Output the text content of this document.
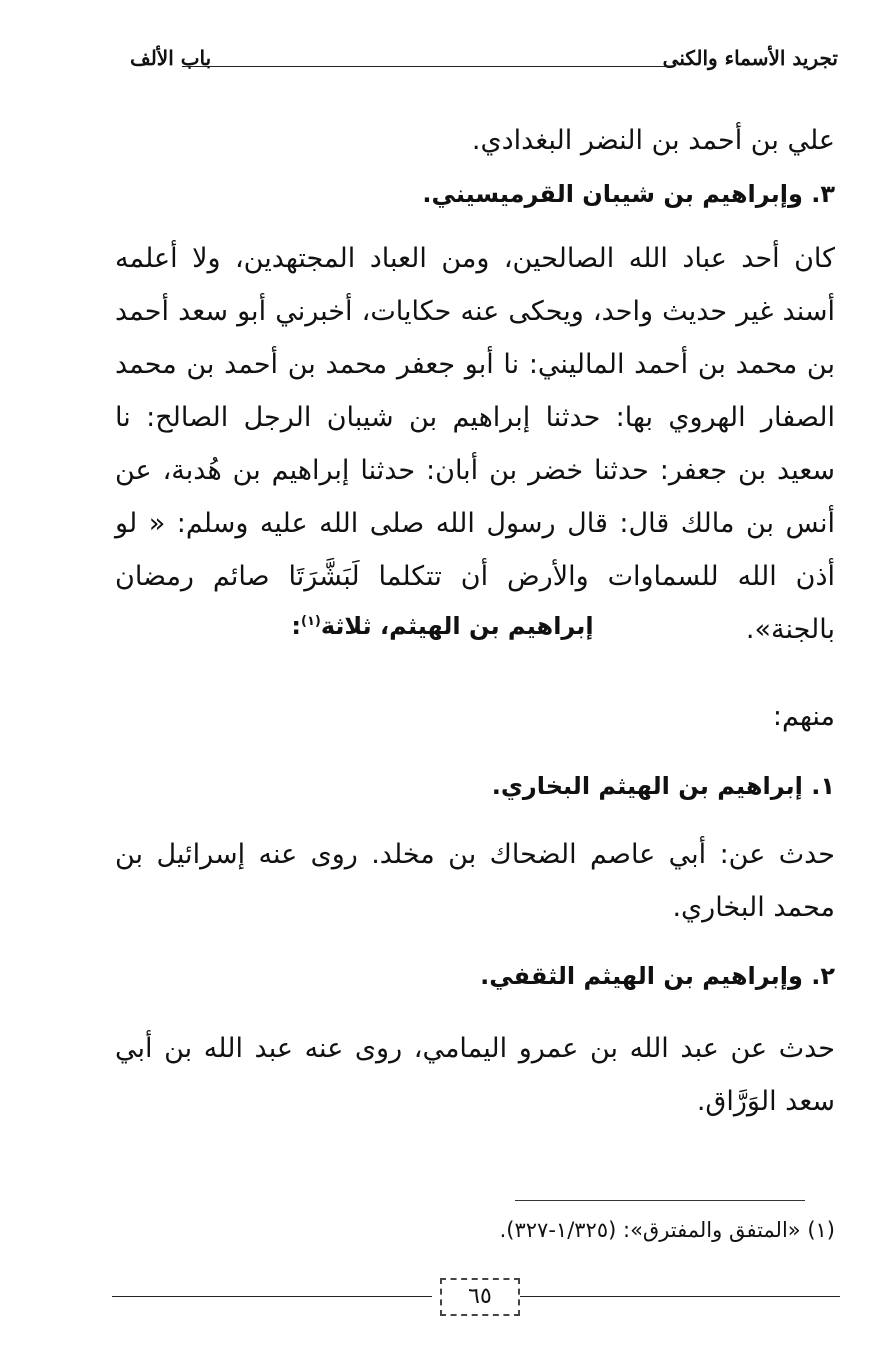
تجريد الأسماء والكنى
باب الألف
علي بن أحمد بن النضر البغدادي.
٣. وإبراهيم بن شيبان القرميسيني.
كان أحد عباد الله الصالحين، ومن العباد المجتهدين، ولا أعلمه أسند غير حديث واحد، ويحكى عنه حكايات، أخبرني أبو سعد أحمد بن محمد بن أحمد الماليني: نا أبو جعفر محمد بن أحمد بن محمد الصفار الهروي بها: حدثنا إبراهيم بن شيبان الرجل الصالح: نا سعيد بن جعفر: حدثنا خضر بن أبان: حدثنا إبراهيم بن هُدبة، عن أنس بن مالك قال: قال رسول الله صلى الله عليه وسلم: « لو أذن الله للسماوات والأرض أن تتكلما لَبَشَّرَتَا صائم رمضان بالجنة».
إبراهيم بن الهيثم، ثلاثة$^{(١)}$:
منهم:
١. إبراهيم بن الهيثم البخاري.
حدث عن: أبي عاصم الضحاك بن مخلد. روى عنه إسرائيل بن محمد البخاري.
٢. وإبراهيم بن الهيثم الثقفي.
حدث عن عبد الله بن عمرو اليمامي، روى عنه عبد الله بن أبي سعد الوَرَّاق.
(١) «المتفق والمفترق»: (١/٣٢٥-٣٢٧).
٦٥
